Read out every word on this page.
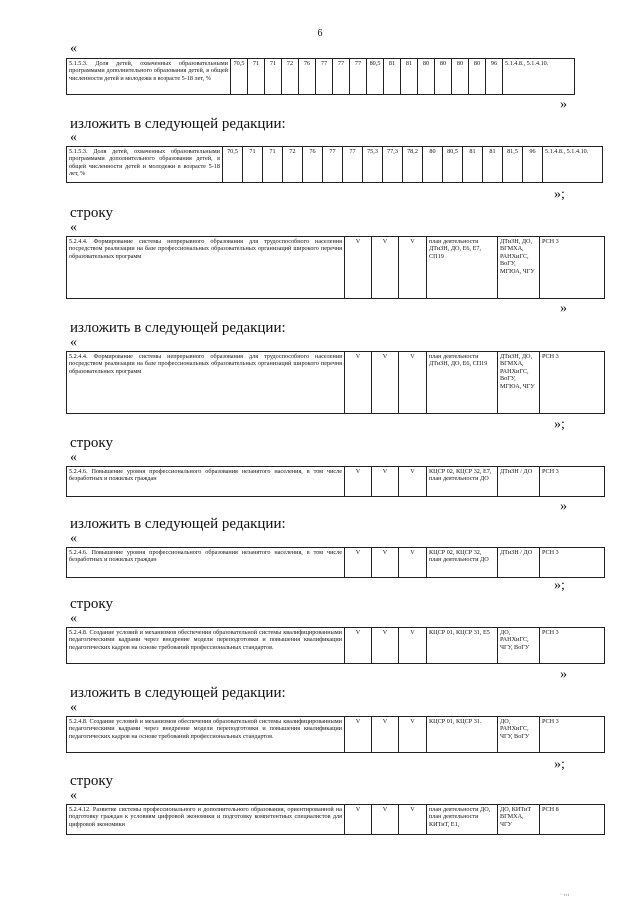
6
«
5.1.5.3. Доля детей, охваченных образовательными программами дополнительного образования детей, в общей численности детей и молодежи в возрасте 5-18 лет, %	70,5	71	71	72	76	77	77	77	80,5	81	81	80	80	80	80	96	5.1.4.8., 5.1.4.10.
»
изложить в следующей редакции:
«
5.1.5.3. Доля детей, охваченных образовательными программами дополнительного образования детей, в общей численности детей и молодежи в возрасте 5-18 лет, %	70,5	71	71	72	76	77	77	75,3	77,3	78,2	80	80,5	81	81	81,5	96	5.1.4.8., 5.1.4.10.
»;
строку
«
5.2.4.4. Формирование системы непрерывного образования для трудоспособного населения посредством реализации на базе профессиональных образовательных организаций широкого перечня образовательных программ	V	V	V	план деятельности ДТиЗН, ДО, Е6, Е7, СП19	ДТиЗН, ДО, ВГМХА, РАНХиГС, ВоГУ, МГЮА, ЧГУ	РСН 3
»
изложить в следующей редакции:
«
5.2.4.4. Формирование системы непрерывного образования для трудоспособного населения посредством реализации на базе профессиональных образовательных организаций широкого перечня образовательных программ	V	V	V	план деятельности ДТиЗН, ДО, Е6, СП19	ДТиЗН, ДО, ВГМХА, РАНХиГС, ВоГУ, МГЮА, ЧГУ	РСН 3
»;
строку
«
5.2.4.6. Повышение уровня профессионального образования незанятого населения, в том числе безработных и пожилых граждан	V	V	V	КЦСР 02, КЦСР 32, Е7, план деятельности ДО	ДТиЗН / ДО	РСН 3
»
изложить в следующей редакции:
«
5.2.4.6. Повышение уровня профессионального образования незанятого населения, в том числе безработных и пожилых граждан	V	V	V	КЦСР 02, КЦСР 32, план деятельности ДО	ДТиЗН / ДО	РСН 3
»;
строку
«
5.2.4.8. Создание условий и механизмов обеспечения образовательной системы квалифицированными педагогическими кадрами через внедрение модели переподготовки и повышения квалификации педагогических кадров на основе требований профессиональных стандартов.	V	V	V	КЦСР 01, КЦСР 31, Е5	ДО, РАНХиГС, ЧГУ, ВоГУ	РСН 3
»
изложить в следующей редакции:
«
5.2.4.8. Создание условий и механизмов обеспечения образовательной системы квалифицированными педагогическими кадрами через внедрение модели переподготовки и повышения квалификации педагогических кадров на основе требований профессиональных стандартов.	V	V	V	КЦСР 01, КЦСР 31.	ДО, РАНХиГС, ЧГУ, ВоГУ	РСН 3
»;
строку
«
5.2.4.12. Развитие системы профессионального и дополнительного образования, ориентированной на подготовку граждан к условиям цифровой экономики и подготовку компетентных специалистов для цифровой экономики	V	V	V	план деятельности ДО, план деятельности КИТиТ, Е1,	ДО, КИТиТ ВГМХА, ЧГУ	РСН 8
· ‹‹‹
